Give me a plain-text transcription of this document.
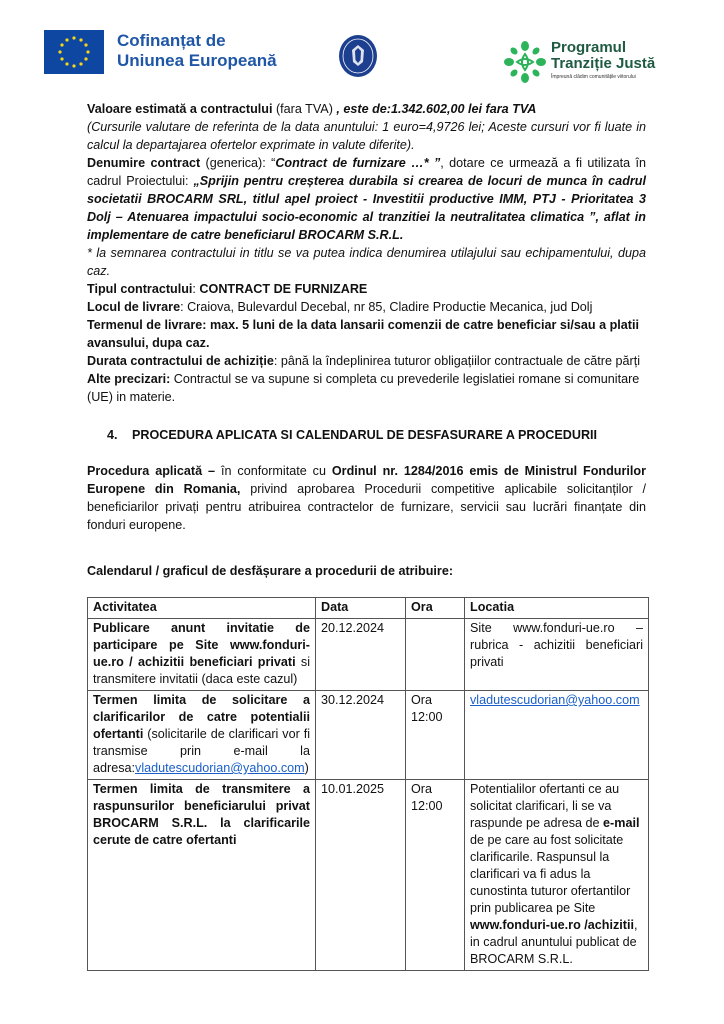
Cofinanțat de
Uniunea Europeană
Programul
Tranziție Justă
Împreună clădim comunitățile viitorului

Valoare estimată a contractului (fara TVA) , este de:1.342.602,00 lei fara TVA

(Cursurile valutare de referinta de la data anuntului: 1 euro=4,9726 lei; Aceste cursuri vor fi luate in calcul la departajarea ofertelor exprimate in valute diferite).

Denumire contract (generica): “Contract de furnizare …* ”, dotare ce urmează a fi utilizata în cadrul Proiectului: „Sprijin pentru creșterea durabila si crearea de locuri de munca în cadrul societatii BROCARM SRL, titlul apel proiect - Investitii productive IMM, PTJ - Prioritatea 3 Dolj – Atenuarea impactului socio-economic al tranzitiei la neutralitatea climatica ”, aflat in implementare de catre beneficiarul BROCARM S.R.L.

* la semnarea contractului in titlu se va putea indica denumirea utilajului sau echipamentului, dupa caz.

Tipul contractului: CONTRACT DE FURNIZARE

Locul de livrare: Craiova, Bulevardul Decebal, nr 85, Cladire Productie Mecanica, jud Dolj

Termenul de livrare: max. 5 luni de la data lansarii comenzii de catre beneficiar si/sau a platii avansului, dupa caz.

Durata contractului de achiziție: până la îndeplinirea tuturor obligațiilor contractuale de către părți

Alte precizari: Contractul se va supune si completa cu prevederile legislatiei romane si comunitare (UE) in materie.

4. PROCEDURA APLICATA SI CALENDARUL DE DESFASURARE A PROCEDURII

Procedura aplicată – în conformitate cu Ordinul nr. 1284/2016 emis de Ministrul Fondurilor Europene din Romania, privind aprobarea Procedurii competitive aplicabile solicitanților / beneficiarilor privați pentru atribuirea contractelor de furnizare, servicii sau lucrări finanțate din fonduri europene.

Calendarul / graficul de desfășurare a procedurii de atribuire:

Activitatea	Data	Ora	Locatia
Publicare anunt invitatie de participare pe Site www.fonduri-ue.ro / achizitii beneficiari privati si transmitere invitatii (daca este cazul)	20.12.2024		Site www.fonduri-ue.ro – rubrica - achizitii beneficiari privati
Termen limita de solicitare a clarificarilor de catre potentialii ofertanti (solicitarile de clarificari vor fi transmise prin e-mail la adresa:vladutescudorian@yahoo.com)	30.12.2024	Ora 12:00	vladutescudorian@yahoo.com
Termen limita de transmitere a raspunsurilor beneficiarului privat BROCARM S.R.L. la clarificarile cerute de catre ofertanti	10.01.2025	Ora 12:00	Potentialilor ofertanti ce au solicitat clarificari, li se va raspunde pe adresa de e-mail de pe care au fost solicitate clarificarile. Raspunsul la clarificari va fi adus la cunostinta tuturor ofertantilor prin publicarea pe Site www.fonduri-ue.ro /achizitii, in cadrul anuntului publicat de BROCARM S.R.L.
